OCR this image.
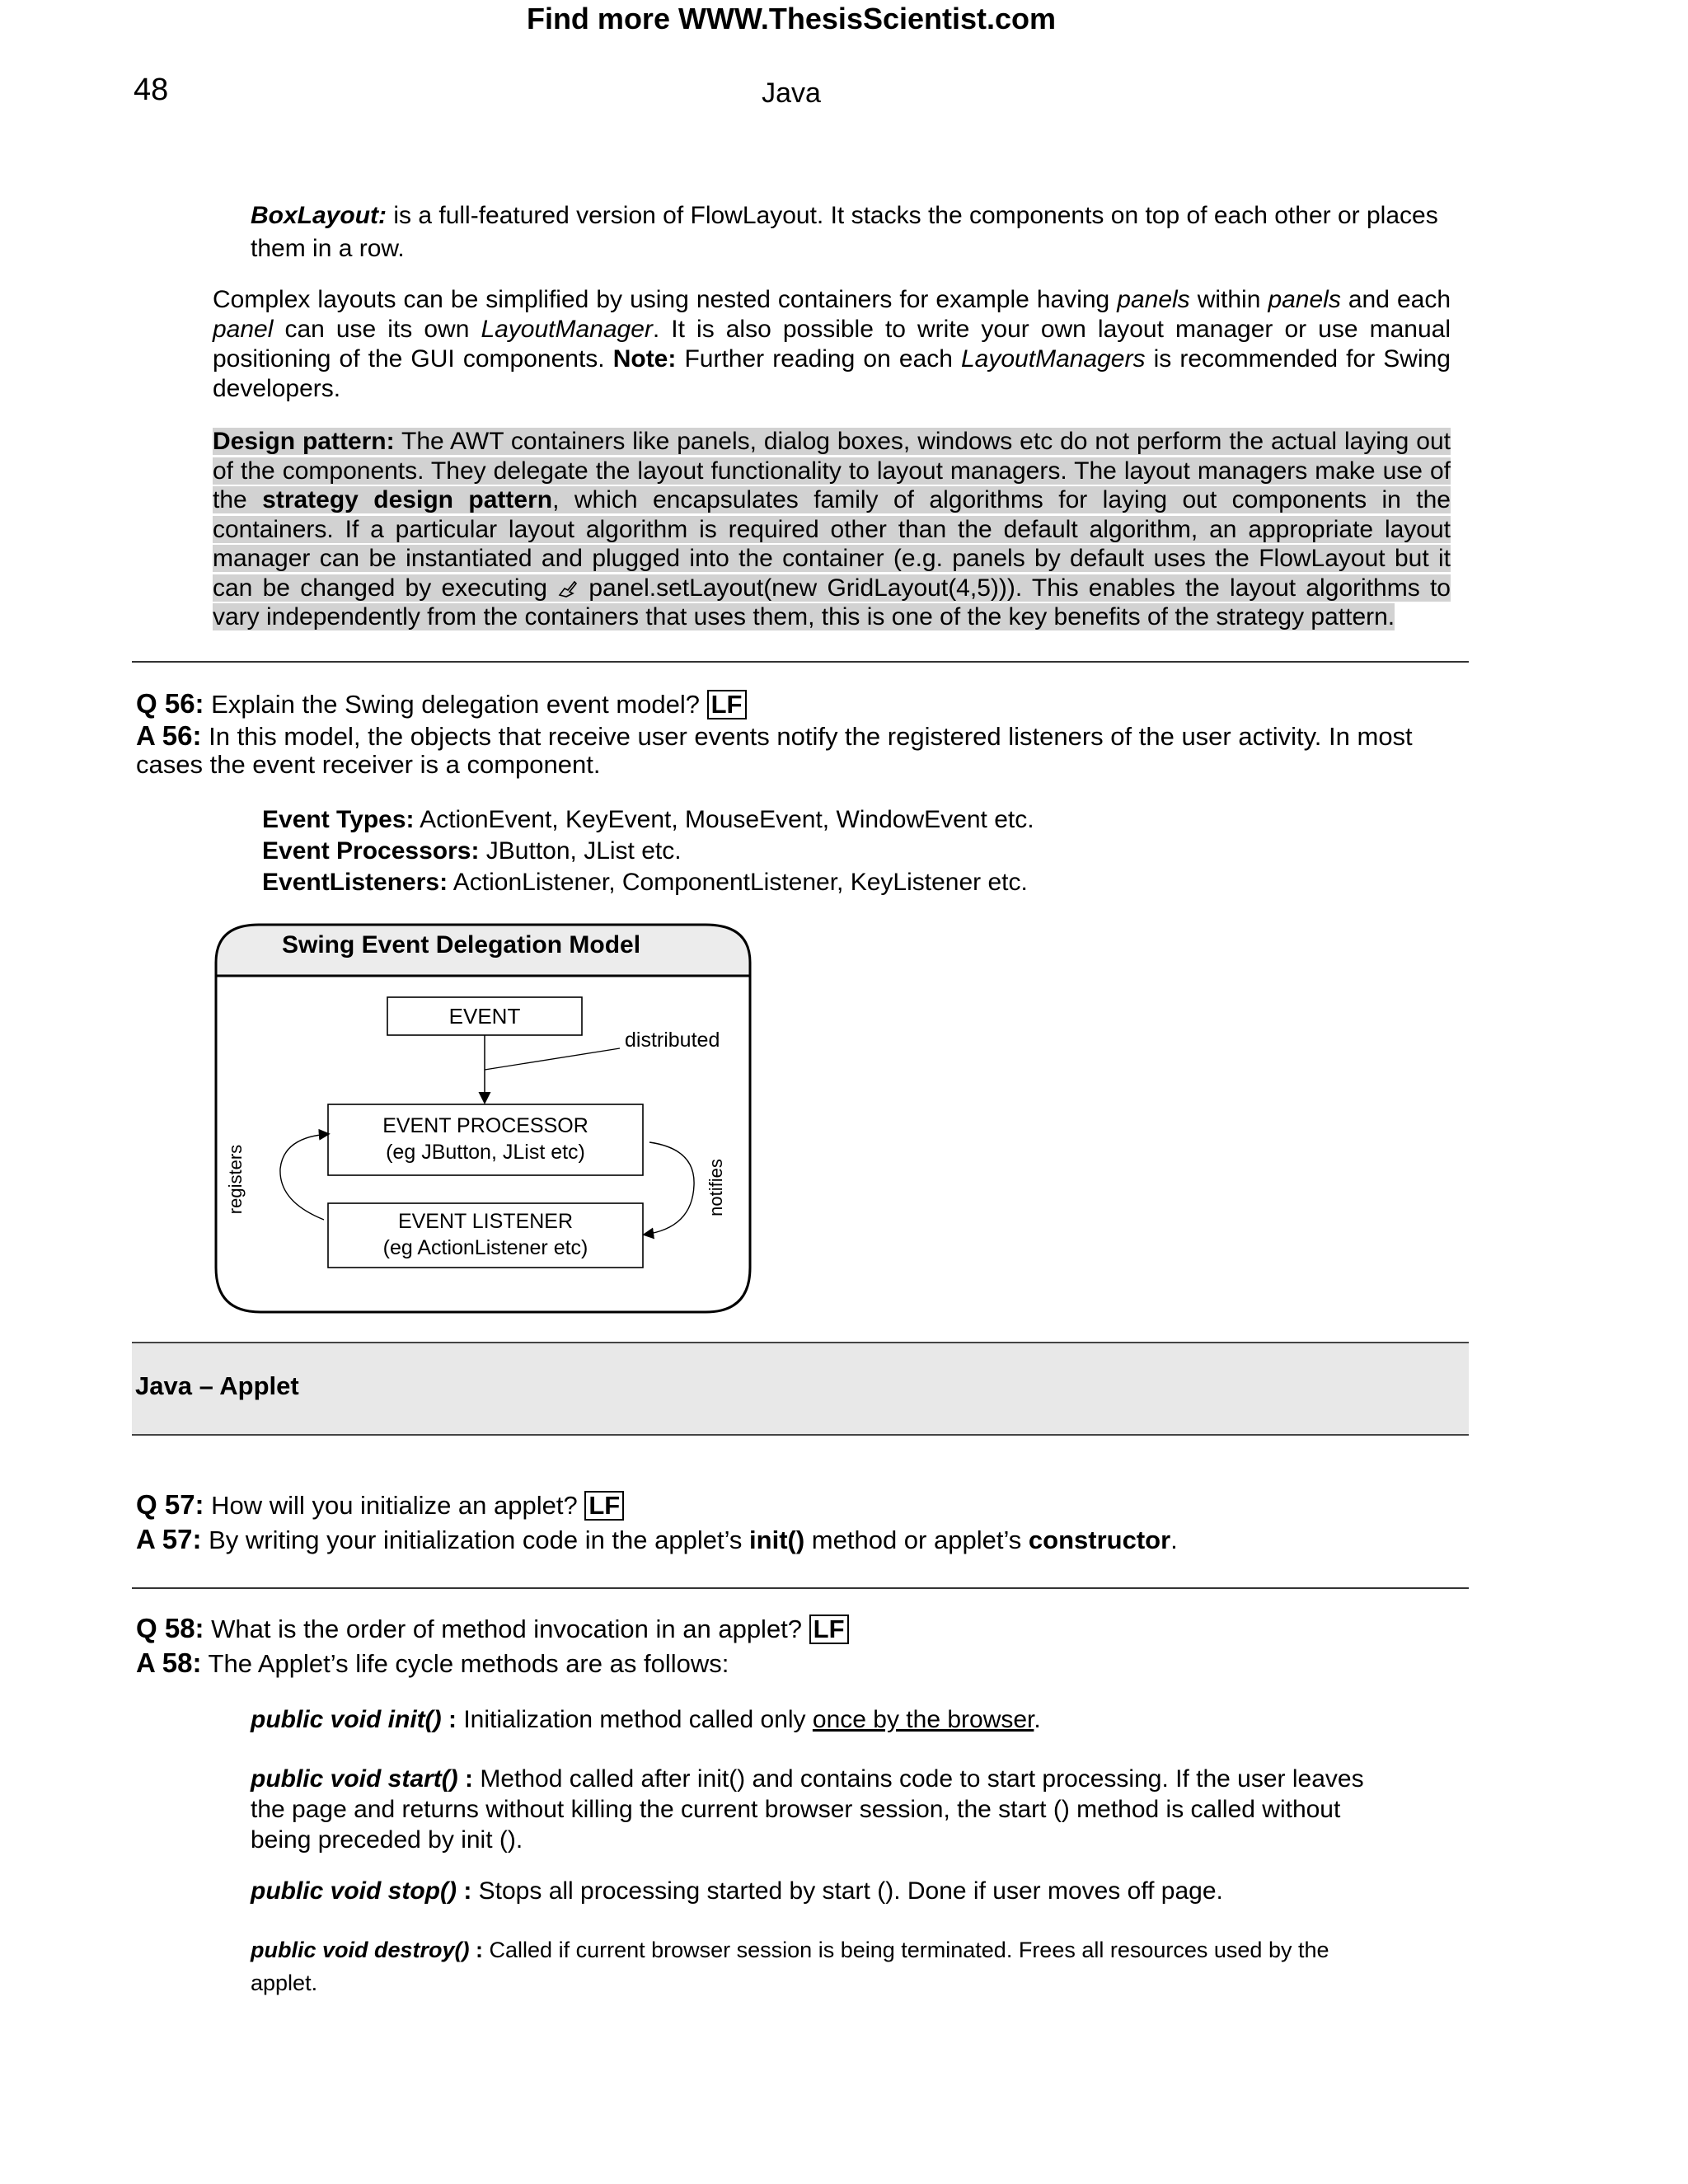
Find more WWW.ThesisScientist.com
48	Java
BoxLayout: is a full-featured version of FlowLayout. It stacks the components on top of each other or places them in a row.
Complex layouts can be simplified by using nested containers for example having panels within panels and each panel can use its own LayoutManager. It is also possible to write your own layout manager or use manual positioning of the GUI components. Note: Further reading on each LayoutManagers is recommended for Swing developers.
Design pattern: The AWT containers like panels, dialog boxes, windows etc do not perform the actual laying out of the components. They delegate the layout functionality to layout managers. The layout managers make use of the strategy design pattern, which encapsulates family of algorithms for laying out components in the containers. If a particular layout algorithm is required other than the default algorithm, an appropriate layout manager can be instantiated and plugged into the container (e.g. panels by default uses the FlowLayout but it can be changed by executing  panel.setLayout(new GridLayout(4,5))). This enables the layout algorithms to vary independently from the containers that uses them, this is one of the key benefits of the strategy pattern.
Q 56: Explain the Swing delegation event model? LF
A 56: In this model, the objects that receive user events notify the registered listeners of the user activity. In most cases the event receiver is a component.
Event Types: ActionEvent, KeyEvent, MouseEvent, WindowEvent etc.
Event Processors: JButton, JList etc.
EventListeners: ActionListener, ComponentListener, KeyListener etc.
Swing Event Delegation Model
EVENT
distributed
EVENT PROCESSOR
(eg JButton, JList etc)
EVENT LISTENER
(eg ActionListener etc)
registers	notifies
Java – Applet
Q 57: How will you initialize an applet? LF
A 57: By writing your initialization code in the applet’s init() method or applet’s constructor.
Q 58: What is the order of method invocation in an applet? LF
A 58: The Applet’s life cycle methods are as follows:
public void init() : Initialization method called only once by the browser.
public void start() : Method called after init() and contains code to start processing. If the user leaves the page and returns without killing the current browser session, the start () method is called without being preceded by init ().
public void stop() : Stops all processing started by start (). Done if user moves off page.
public void destroy() : Called if current browser session is being terminated. Frees all resources used by the applet.
